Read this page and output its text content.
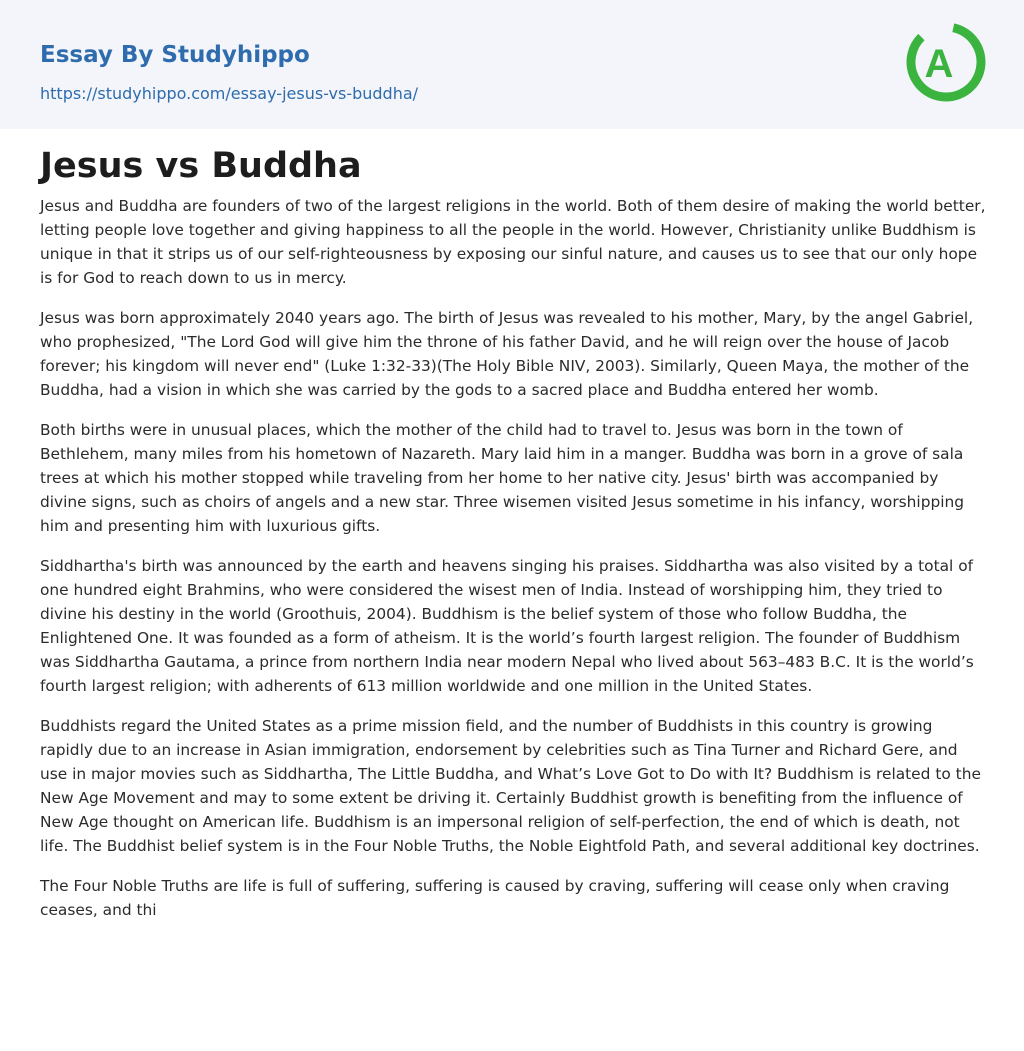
Essay By Studyhippo
https://studyhippo.com/essay-jesus-vs-buddha/
A
Jesus vs Buddha

Jesus and Buddha are founders of two of the largest religions in the world. Both of them desire of making the world better, letting people love together and giving happiness to all the people in the world. However, Christianity unlike Buddhism is unique in that it strips us of our self-righteousness by exposing our sinful nature, and causes us to see that our only hope is for God to reach down to us in mercy.

Jesus was born approximately 2040 years ago. The birth of Jesus was revealed to his mother, Mary, by the angel Gabriel, who prophesized, "The Lord God will give him the throne of his father David, and he will reign over the house of Jacob forever; his kingdom will never end" (Luke 1:32-33)(The Holy Bible NIV, 2003). Similarly, Queen Maya, the mother of the Buddha, had a vision in which she was carried by the gods to a sacred place and Buddha entered her womb.

Both births were in unusual places, which the mother of the child had to travel to. Jesus was born in the town of Bethlehem, many miles from his hometown of Nazareth. Mary laid him in a manger. Buddha was born in a grove of sala trees at which his mother stopped while traveling from her home to her native city. Jesus' birth was accompanied by divine signs, such as choirs of angels and a new star. Three wisemen visited Jesus sometime in his infancy, worshipping him and presenting him with luxurious gifts.

Siddhartha's birth was announced by the earth and heavens singing his praises. Siddhartha was also visited by a total of one hundred eight Brahmins, who were considered the wisest men of India. Instead of worshipping him, they tried to divine his destiny in the world (Groothuis, 2004). Buddhism is the belief system of those who follow Buddha, the Enlightened One. It was founded as a form of atheism. It is the world’s fourth largest religion. The founder of Buddhism was Siddhartha Gautama, a prince from northern India near modern Nepal who lived about 563–483 B.C. It is the world’s fourth largest religion; with adherents of 613 million worldwide and one million in the United States.

Buddhists regard the United States as a prime mission field, and the number of Buddhists in this country is growing rapidly due to an increase in Asian immigration, endorsement by celebrities such as Tina Turner and Richard Gere, and use in major movies such as Siddhartha, The Little Buddha, and What’s Love Got to Do with It? Buddhism is related to the New Age Movement and may to some extent be driving it. Certainly Buddhist growth is benefiting from the influence of New Age thought on American life. Buddhism is an impersonal religion of self-perfection, the end of which is death, not life. The Buddhist belief system is in the Four Noble Truths, the Noble Eightfold Path, and several additional key doctrines.

The Four Noble Truths are life is full of suffering, suffering is caused by craving, suffering will cease only when craving ceases, and thi
